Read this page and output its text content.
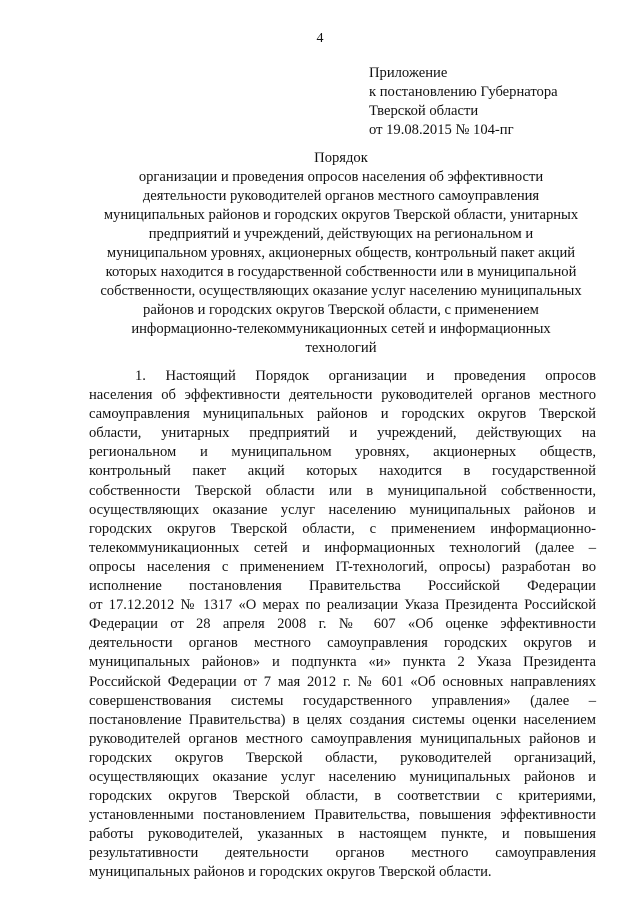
4
Приложение
к постановлению Губернатора
Тверской области
от 19.08.2015 № 104-пг
Порядок
организации и проведения опросов населения об эффективности
деятельности руководителей органов местного самоуправления
муниципальных районов и городских округов Тверской области, унитарных
предприятий и учреждений, действующих на региональном и
муниципальном уровнях, акционерных обществ, контрольный пакет акций
которых находится в государственной собственности или в муниципальной
собственности, осуществляющих оказание услуг населению муниципальных
районов и городских округов Тверской области, с применением
информационно-телекоммуникационных сетей и информационных
технологий
1. Настоящий Порядок организации и проведения опросов
населения об эффективности деятельности руководителей органов местного
самоуправления муниципальных районов и городских округов Тверской
области, унитарных предприятий и учреждений, действующих на
региональном и муниципальном уровнях, акционерных обществ,
контрольный пакет акций которых находится в государственной
собственности Тверской области или в муниципальной собственности,
осуществляющих оказание услуг населению муниципальных районов и
городских округов Тверской области, с применением информационно-
телекоммуникационных сетей и информационных технологий (далее –
опросы населения с применением IT-технологий, опросы) разработан во
исполнение постановления Правительства Российской Федерации
от 17.12.2012 № 1317 «О мерах по реализации Указа Президента Российской
Федерации от 28 апреля 2008 г. № 607 «Об оценке эффективности
деятельности органов местного самоуправления городских округов и
муниципальных районов» и подпункта «и» пункта 2 Указа Президента
Российской Федерации от 7 мая 2012 г. № 601 «Об основных направлениях
совершенствования системы государственного управления» (далее –
постановление Правительства) в целях создания системы оценки населением
руководителей органов местного самоуправления муниципальных районов и
городских округов Тверской области, руководителей организаций,
осуществляющих оказание услуг населению муниципальных районов и
городских округов Тверской области, в соответствии с критериями,
установленными постановлением Правительства, повышения эффективности
работы руководителей, указанных в настоящем пункте, и повышения
результативности деятельности органов местного самоуправления
муниципальных районов и городских округов Тверской области.
